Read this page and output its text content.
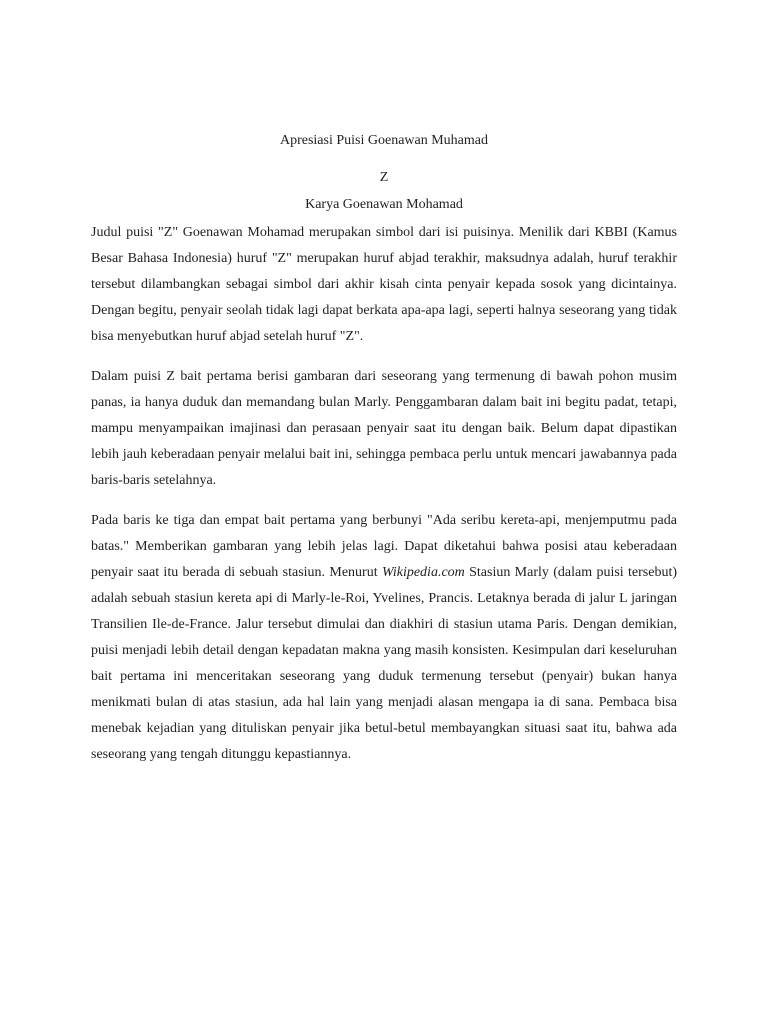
Apresiasi Puisi Goenawan Muhamad
Z
Karya Goenawan Mohamad

Judul puisi "Z" Goenawan Mohamad merupakan simbol dari isi puisinya. Menilik dari KBBI (Kamus Besar Bahasa Indonesia) huruf "Z" merupakan huruf abjad terakhir, maksudnya adalah, huruf terakhir tersebut dilambangkan sebagai simbol dari akhir kisah cinta penyair kepada sosok yang dicintainya. Dengan begitu, penyair seolah tidak lagi dapat berkata apa-apa lagi, seperti halnya seseorang yang tidak bisa menyebutkan huruf abjad setelah huruf "Z".

Dalam puisi Z bait pertama berisi gambaran dari seseorang yang termenung di bawah pohon musim panas, ia hanya duduk dan memandang bulan Marly. Penggambaran dalam bait ini begitu padat, tetapi, mampu menyampaikan imajinasi dan perasaan penyair saat itu dengan baik. Belum dapat dipastikan lebih jauh keberadaan penyair melalui bait ini, sehingga pembaca perlu untuk mencari jawabannya pada baris-baris setelahnya.

Pada baris ke tiga dan empat bait pertama yang berbunyi "Ada seribu kereta-api, menjemputmu pada batas." Memberikan gambaran yang lebih jelas lagi. Dapat diketahui bahwa posisi atau keberadaan penyair saat itu berada di sebuah stasiun. Menurut Wikipedia.com Stasiun Marly (dalam puisi tersebut) adalah sebuah stasiun kereta api di Marly-le-Roi, Yvelines, Prancis. Letaknya berada di jalur L jaringan Transilien Ile-de-France. Jalur tersebut dimulai dan diakhiri di stasiun utama Paris. Dengan demikian, puisi menjadi lebih detail dengan kepadatan makna yang masih konsisten. Kesimpulan dari keseluruhan bait pertama ini menceritakan seseorang yang duduk termenung tersebut (penyair) bukan hanya menikmati bulan di atas stasiun, ada hal lain yang menjadi alasan mengapa ia di sana. Pembaca bisa menebak kejadian yang dituliskan penyair jika betul-betul membayangkan situasi saat itu, bahwa ada seseorang yang tengah ditunggu kepastiannya.
